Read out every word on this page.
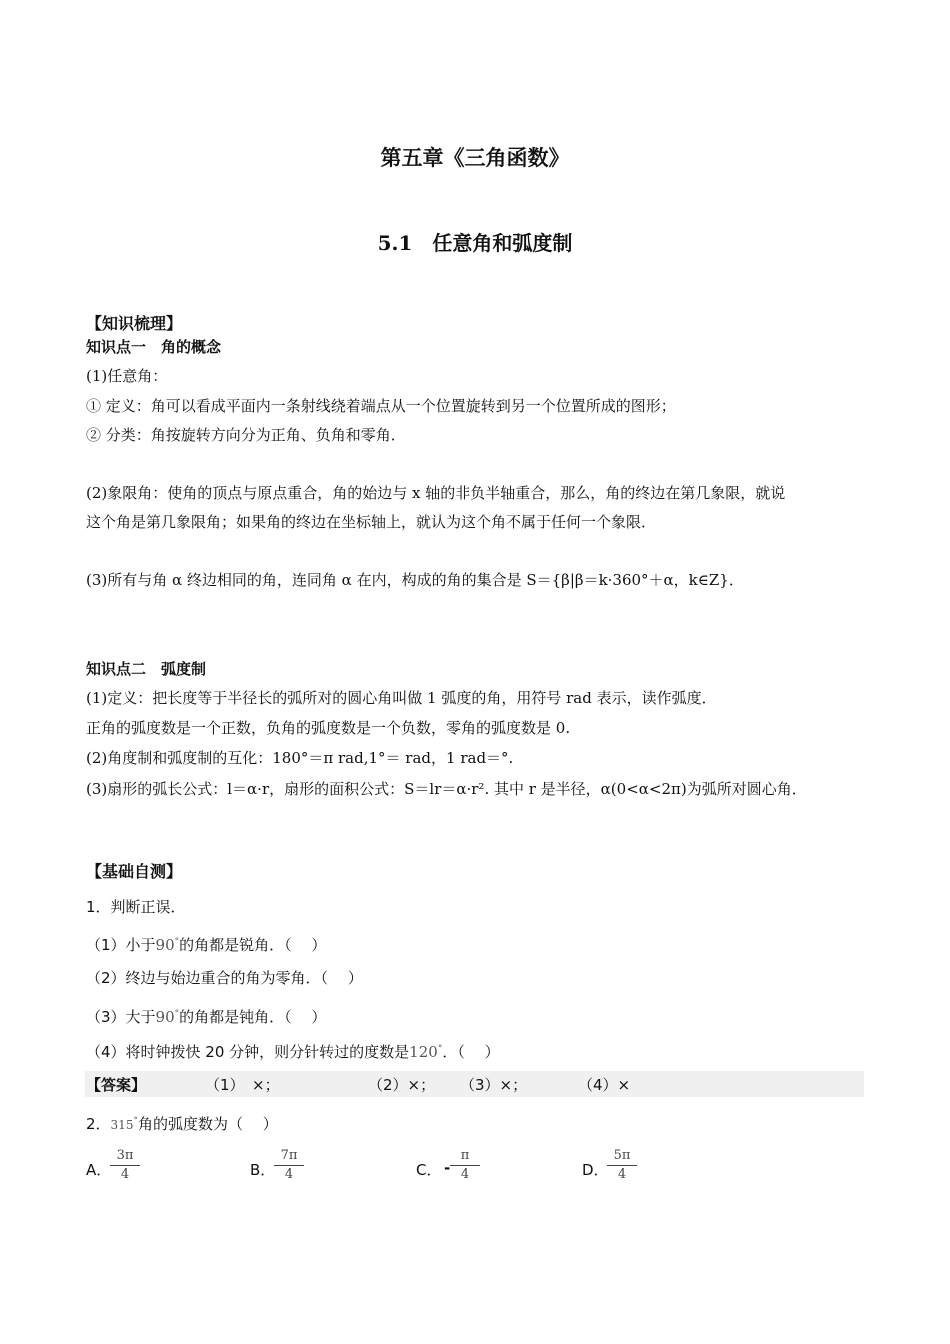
第五章《三角函数》
5.1　任意角和弧度制
【知识梳理】
知识点一　角的概念
(1)任意角：
① 定义：角可以看成平面内一条射线绕着端点从一个位置旋转到另一个位置所成的图形；
② 分类：角按旋转方向分为正角、负角和零角．
(2)象限角：使角的顶点与原点重合，角的始边与 x 轴的非负半轴重合，那么，角的终边在第几象限，就说
这个角是第几象限角；如果角的终边在坐标轴上，就认为这个角不属于任何一个象限．
(3)所有与角 α 终边相同的角，连同角 α 在内，构成的角的集合是 S＝{β|β＝k·360°＋α，k∈Z}．
知识点二　弧度制
(1)定义：把长度等于半径长的弧所对的圆心角叫做 1 弧度的角，用符号 rad 表示，读作弧度．
正角的弧度数是一个正数，负角的弧度数是一个负数，零角的弧度数是 0.
(2)角度制和弧度制的互化：180°＝π rad,1°＝ rad，1 rad＝°.
(3)扇形的弧长公式：l＝α·r，扇形的面积公式：S＝lr＝α·r². 其中 r 是半径，α(0<α<2π)为弧所对圆心角．
【基础自测】
1．判断正误．
（1）小于90°的角都是锐角．（　 ）
（2）终边与始边重合的角为零角．（　 ）
（3）大于90°的角都是钝角．（　 ）
（4）将时钟拨快 20 分钟，则分针转过的度数是120°．（　 ）
【答案】	（1）　×；	（2）×； （3）×；	（4）×
2．315°角的弧度数为（　 ）
A．
$\frac{3\pi}{4}$	B．
$\frac{7\pi}{4}$	C． - $\frac{\pi}{4}$	D．
$\frac{5\pi}{4}$
